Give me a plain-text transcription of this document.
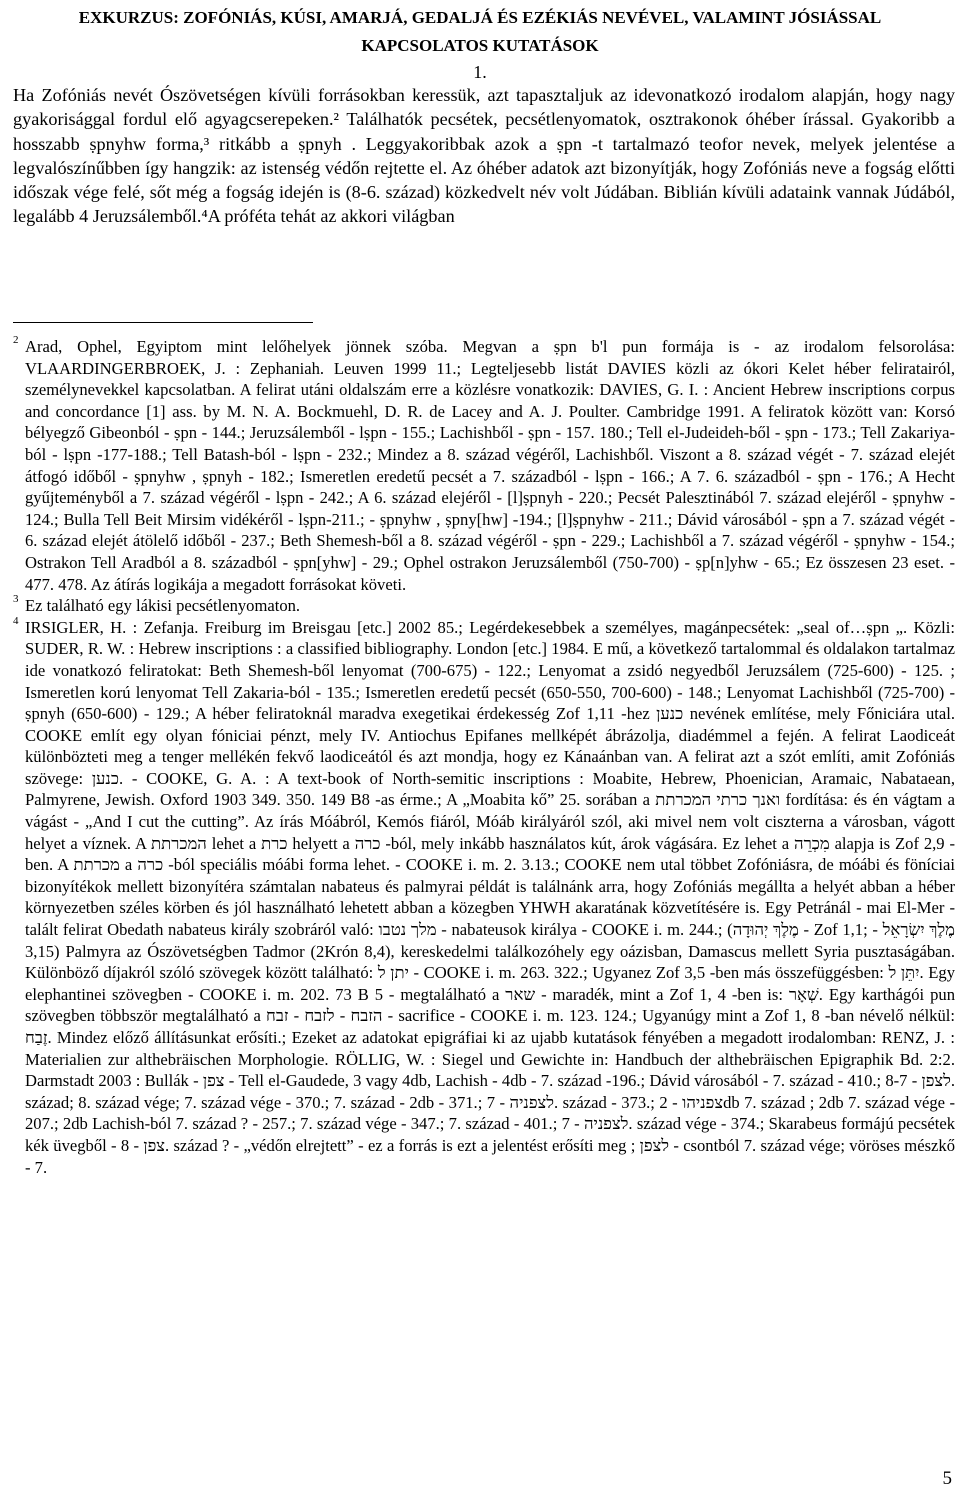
EXKURZUS: ZOFÓNIÁS, KÚSI, AMARJÁ, GEDALJÁ ÉS EZÉKIÁS NEVÉVEL, VALAMINT JÓSIÁSSAL KAPCSOLATOS KUTATÁSOK
1.
Ha Zofóniás nevét Ószövetségen kívüli forrásokban keressük, azt tapasztaljuk az idevonatkozó irodalom alapján, hogy nagy gyakorisággal fordul elő agyagcserepeken.² Találhatók pecsétek, pecsétlenyomatok, osztrakonok óhéber írással. Gyakoribb a hosszabb ṣpnyhw forma,³ ritkább a ṣpnyh . Leggyakoribbak azok a ṣpn -t tartalmazó teofor nevek, melyek jelentése a legvalószínűbben így hangzik: az istenség védőn rejtette el. Az óhéber adatok azt bizonyítják, hogy Zofóniás neve a fogság előtti időszak vége felé, sőt még a fogság idején is (8-6. század) közkedvelt név volt Júdában. Biblián kívüli adataink vannak Júdából, legalább 4 Jeruzsálemből.⁴A próféta tehát az akkori világban
2 Arad, Ophel, Egyiptom mint lelőhelyek jönnek szóba. Megvan a ṣpn b'l pun formája is - az irodalom felsorolása: VLAARDINGERBROEK, J. : Zephaniah. Leuven 1999 11.; Legteljesebb listát DAVIES közli az ókori Kelet héber feliratairól, személynevekkel kapcsolatban. A felirat utáni oldalszám erre a közlésre vonatkozik: DAVIES, G. I. : Ancient Hebrew inscriptions corpus and concordance [1] ass. by M. N. A. Bockmuehl, D. R. de Lacey and A. J. Poulter. Cambridge 1991. A feliratok között van: Korsó bélyegző Gibeonból - ṣpn - 144.; Jeruzsálemből - lṣpn - 155.; Lachishből - ṣpn - 157. 180.; Tell el-Judeideh-ből - ṣpn - 173.; Tell Zakariya-ból - lṣpn -177-188.; Tell Batash-ból - lṣpn - 232.; Mindez a 8. század végéről, Lachishből. Viszont a 8. század végét - 7. század elejét átfogó időből - ṣpnyhw , ṣpnyh - 182.; Ismeretlen eredetű pecsét a 7. századból - lṣpn - 166.; A 7. 6. századból - ṣpn - 176.; A Hecht gyűjteményből a 7. század végéről - lṣpn - 242.; A 6. század elejéről - [l]ṣpnyh - 220.; Pecsét Palesztinából 7. század elejéről - ṣpnyhw - 124.; Bulla Tell Beit Mirsim vidékéről - lṣpn-211.; - ṣpnyhw , ṣpny[hw] -194.; [l]ṣpnyhw - 211.; Dávid városából - ṣpn a 7. század végét - 6. század elejét átölelő időből - 237.; Beth Shemesh-ből a 8. század végéről - ṣpn - 229.; Lachishből a 7. század végéről - ṣpnyhw - 154.; Ostrakon Tell Aradból a 8. századból - ṣpn[yhw] - 29.; Ophel ostrakon Jeruzsálemből (750-700) - ṣp[n]yhw - 65.; Ez összesen 23 eset. - 477. 478. Az átírás logikája a megadott forrásokat követi.
3 Ez található egy lákisi pecsétlenyomaton.
4 IRSIGLER, H. : Zefanja. Freiburg im Breisgau [etc.] 2002 85.; Legérdekesebbek a személyes, magánpecsétek: „seal of…ṣpn „. Közli: SUDER, R. W. : Hebrew inscriptions : a classified bibliography. London [etc.] 1984. E mű, a következő tartalommal és oldalakon tartalmaz ide vonatkozó feliratokat: Beth Shemesh-ből lenyomat (700-675) - 122.; Lenyomat a zsidó negyedből Jeruzsálem (725-600) - 125. ; Ismeretlen korú lenyomat Tell Zakaria-ból - 135.; Ismeretlen eredetű pecsét (650-550, 700-600) - 148.; Lenyomat Lachishből (725-700) - ṣpnyh (650-600) - 129.; A héber feliratoknál maradva exegetikai érdekesség Zof 1,11 -hez כנען nevének említése, mely Főniciára utal. COOKE említ egy olyan fóniciai pénzt, mely IV. Antiochus Epifanes mellképét ábrázolja, diadémmel a fején. A felirat Laodiceát különbözteti meg a tenger mellékén fekvő laodiceától és azt mondja, hogy ez Kánaánban van. A felirat azt a szót említi, amit Zofóniás szövege: כנען. - COOKE, G. A. : A text-book of North-semitic inscriptions : Moabite, Hebrew, Phoenician, Aramaic, Nabataean, Palmyrene, Jewish. Oxford 1903 349. 350. 149 B8 -as érme.; A „Moabita kő” 25. sorában a ואנך כרתי המכרתת fordítása: és én vágtam a vágást - „And I cut the cutting”. Az írás Móábról, Kemós fiáról, Móáb királyáról szól, aki mivel nem volt ciszterna a városban, vágott helyet a víznek. A המכרתת lehet a כרת helyett a כרה -ból, mely inkább használatos kút, árok vágására. Ez lehet a מִכְרֵה alapja is Zof 2,9 -ben. A מכרתת a כרה -ból speciális móábi forma lehet. - COOKE i. m. 2. 3.13.; COOKE nem utal többet Zofóniásra, de móábi és föníciai bizonyítékok mellett bizonyítéra számtalan nabateus és palmyrai példát is találnánk arra, hogy Zofóniás megállta a helyét abban a héber környezetben széles körben és jól használható lehetett abban a közegben YHWH akaratának közvetítésére is. Egy Petránál - mai El-Mer - talált felirat Obedath nabateus király szobráról való: מלך נטבו - nabateusok királya - COOKE i. m. 244.; (מֶלֶךְ יְהוּדָה - Zof 1,1; מֶלֶךְ יִשְׂרָאֵל - 3,15) Palmyra az Ószövetségben Tadmor (2Krón 8,4), kereskedelmi találkozóhely egy oázisban, Damascus mellett Syria pusztaságában. Különböző díjakról szóló szövegek között található: יתן ל - COOKE i. m. 263. 322.; Ugyanez Zof 3,5 -ben más összefüggésben: יִתֵּן ל. Egy elephantinei szövegben - COOKE i. m. 202. 73 B 5 - megtalálható a שאר - maradék, mint a Zof 1, 4 -ben is: שְׁאָר. Egy karthágói pun szövegben többször megtalálható a הזבח - לזבח - זבח - sacrifice - COOKE i. m. 123. 124.; Ugyanúgy mint a Zof 1, 8 -ban névelő nélkül: זֶבַח. Mindez előző állításunkat erősíti.; Ezeket az adatokat epigráfiai ki az ujabb kutatások fényében a megadott irodalomban: RENZ, J. : Materialien zur althebräischen Morphologie. RÖLLIG, W. : Siegel und Gewichte in: Handbuch der althebräischen Epigraphik Bd. 2:2. Darmstadt 2003 : Bullák - צפן - Tell el-Gaudede, 3 vagy 4db, Lachish - 4db - 7. század -196.; Dávid városából - 7. század - 410.; לצפן - 8-7. század; 8. század vége; 7. század vége - 370.; 7. század - 2db - 371.; לצפניה - 7. század - 373.; צפניהו - 2db 7. század ; 2db 7. század vége - 207.; 2db Lachish-ból 7. század ? - 257.; 7. század vége - 347.; 7. század - 401.; לצפניה - 7. század vége - 374.; Skarabeus formájú pecsétek kék üvegből - צפן - 8. század ? - „védőn elrejtett” - ez a forrás is ezt a jelentést erősíti meg ; לצפן - csontból 7. század vége; vöröses mészkő - 7.
5
